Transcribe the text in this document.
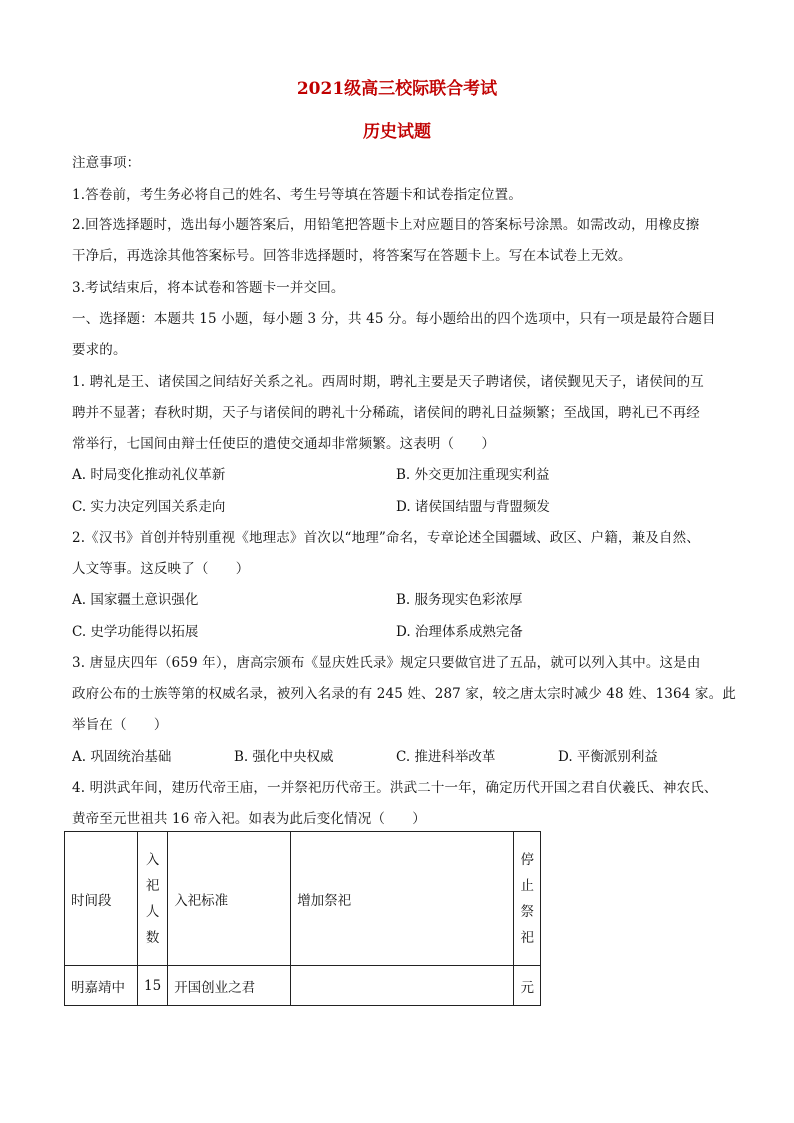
2021级高三校际联合考试
历史试题
注意事项：
1.答卷前，考生务必将自己的姓名、考生号等填在答题卡和试卷指定位置。
2.回答选择题时，选出每小题答案后，用铅笔把答题卡上对应题目的答案标号涂黑。如需改动，用橡皮擦
干净后，再选涂其他答案标号。回答非选择题时，将答案写在答题卡上。写在本试卷上无效。
3.考试结束后，将本试卷和答题卡一并交回。
一、选择题：本题共 15 小题，每小题 3 分，共 45 分。每小题给出的四个选项中，只有一项是最符合题目
要求的。
1. 聘礼是王、诸侯国之间结好关系之礼。西周时期，聘礼主要是天子聘诸侯，诸侯觐见天子，诸侯间的互
聘并不显著；春秋时期，天子与诸侯间的聘礼十分稀疏，诸侯间的聘礼日益频繁；至战国，聘礼已不再经
常举行，七国间由辩士任使臣的遣使交通却非常频繁。这表明（　　）
A. 时局变化推动礼仪革新	B. 外交更加注重现实利益
C. 实力决定列国关系走向	D. 诸侯国结盟与背盟频发
2.《汉书》首创并特别重视《地理志》首次以“地理”命名，专章论述全国疆域、政区、户籍，兼及自然、
人文等事。这反映了（　　）
A. 国家疆土意识强化	B. 服务现实色彩浓厚
C. 史学功能得以拓展	D. 治理体系成熟完备
3. 唐显庆四年（659 年），唐高宗颁布《显庆姓氏录》规定只要做官进了五品，就可以列入其中。这是由
政府公布的士族等第的权威名录，被列入名录的有 245 姓、287 家，较之唐太宗时减少 48 姓、1364 家。此
举旨在（　　）
A. 巩固统治基础	B. 强化中央权威	C. 推进科举改革	D. 平衡派别利益
4. 明洪武年间，建历代帝王庙，一并祭祀历代帝王。洪武二十一年，确定历代开国之君自伏羲氏、神农氏、
黄帝至元世祖共 16 帝入祀。如表为此后变化情况（　　）
时间段	入祀人数	入祀标准	增加祭祀	停止祭祀
明嘉靖中	15	开国创业之君		元
